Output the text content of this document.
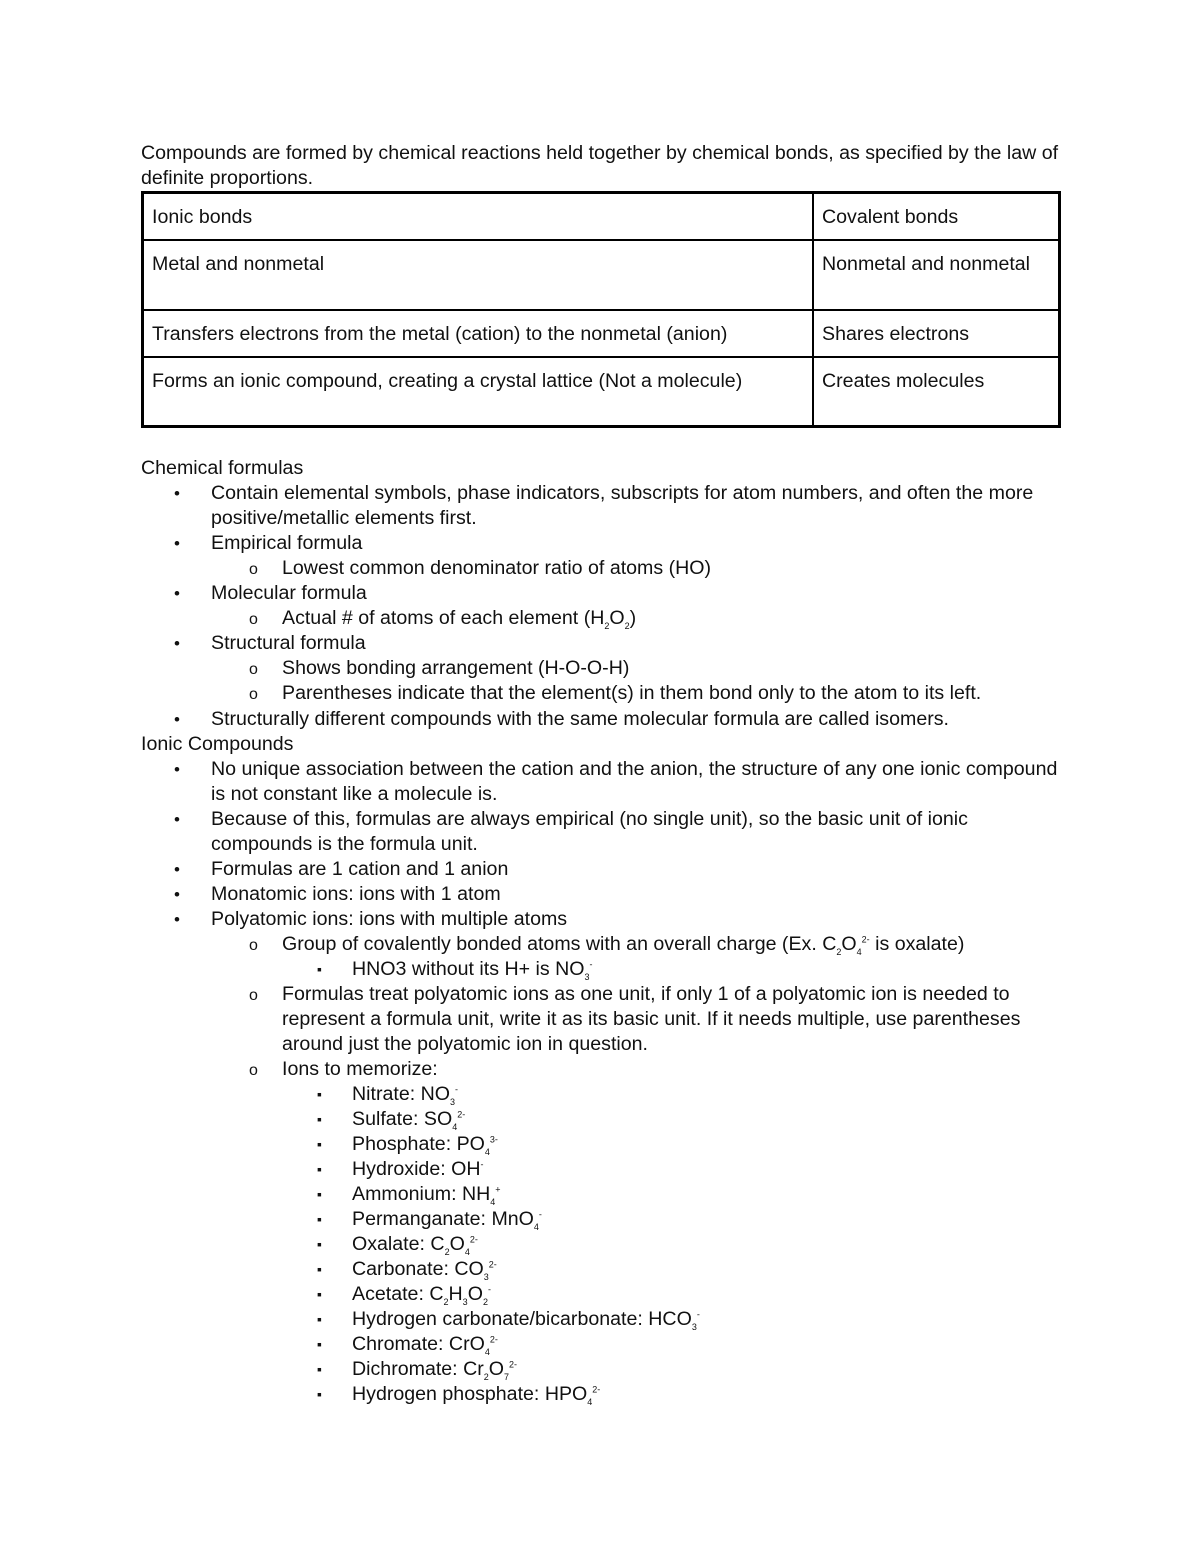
Compounds are formed by chemical reactions held together by chemical bonds, as specified by the law of definite proportions.
Ionic bonds	Covalent bonds
Metal and nonmetal	Nonmetal and nonmetal
Transfers electrons from the metal (cation) to the nonmetal (anion)	Shares electrons
Forms an ionic compound, creating a crystal lattice (Not a molecule)	Creates molecules
Chemical formulas
• Contain elemental symbols, phase indicators, subscripts for atom numbers, and often the more positive/metallic elements first.
• Empirical formula
o Lowest common denominator ratio of atoms (HO)
• Molecular formula
o Actual # of atoms of each element $(H_2O_2)$
• Structural formula
o Shows bonding arrangement (H-O-O-H)
o Parentheses indicate that the element(s) in them bond only to the atom to its left.
• Structurally different compounds with the same molecular formula are called isomers.
Ionic Compounds
• No unique association between the cation and the anion, the structure of any one ionic compound is not constant like a molecule is.
• Because of this, formulas are always empirical (no single unit), so the basic unit of ionic compounds is the formula unit.
• Formulas are 1 cation and 1 anion
• Monatomic ions: ions with 1 atom
• Polyatomic ions: ions with multiple atoms
o Group of covalently bonded atoms with an overall charge (Ex. $C_2O_4^{2-}$ is oxalate)
▪ HNO3 without its H+ is $NO_3^-$
o Formulas treat polyatomic ions as one unit, if only 1 of a polyatomic ion is needed to represent a formula unit, write it as its basic unit. If it needs multiple, use parentheses around just the polyatomic ion in question.
o Ions to memorize:
▪ Nitrate: $NO_3^-$
▪ Sulfate: $SO_4^{2-}$
▪ Phosphate: $PO_4^{3-}$
▪ Hydroxide: OH-
▪ Ammonium: $NH_4^+$
▪ Permanganate: MnO$_4$-
▪ Oxalate: $C_2O_4^{2-}$
▪ Carbonate: $CO_3^{2-}$
▪ Acetate: $C_2H_3O_2^-$
▪ Hydrogen carbonate/bicarbonate: $HCO_3^-$
▪ Chromate: CrO$_4^{2-}$
▪ Dichromate: $Cr_2O_7^{2-}$
▪ Hydrogen phosphate: $HPO_4^{2-}$
